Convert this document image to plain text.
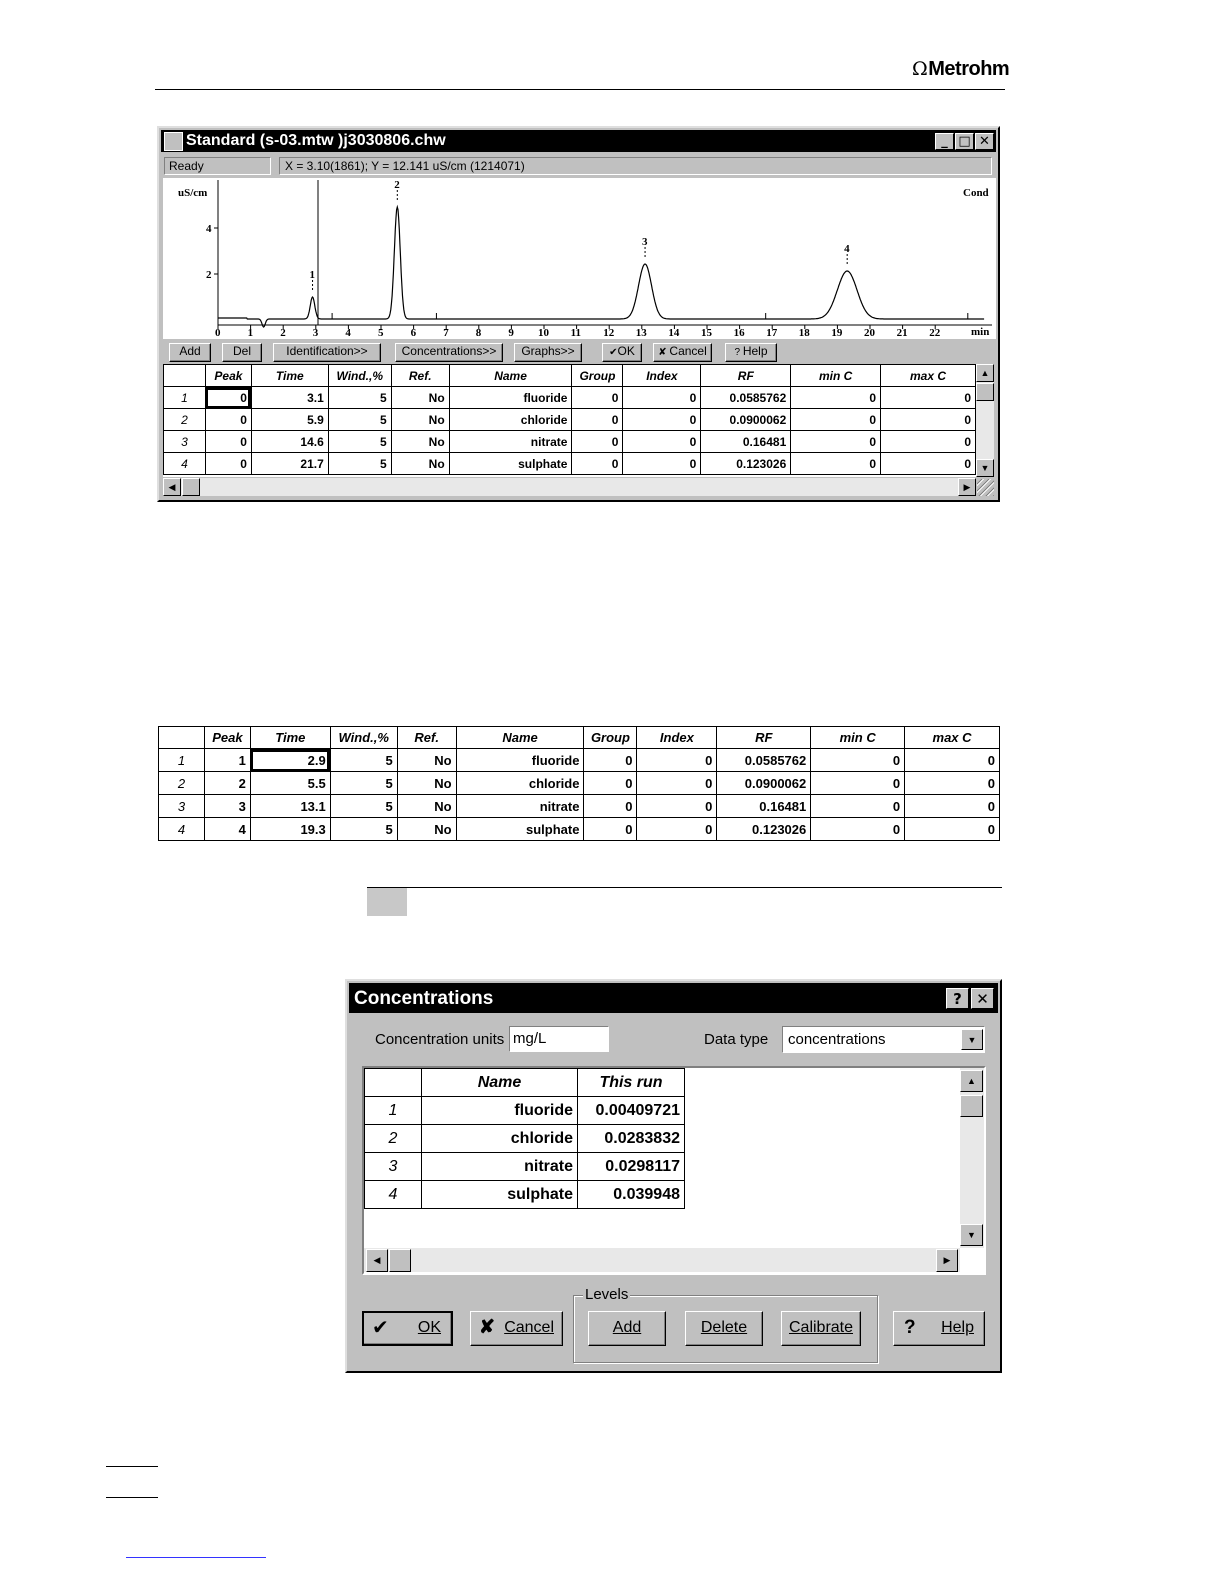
ΩMetrohm
Standard (s-03.mtw )j3030806.chw	_ □ ✕
Ready	X = 3.10(1861); Y = 12.141 uS/cm (1214071)
uS/cm	Cond
min
4
2
0 1 2 3 4 5 6 7 8 9 10 11 12 13 14 15 16 17 18 19 20 21 22
1
2
3
4
Add	Del	Identification>>	Concentrations>>	Graphs>>	✔OK	✘ Cancel	? Help
	Peak	Time	Wind.,%	Ref.	Name	Group	Index	RF	min C	max C
1	0	3.1	5	No	fluoride	0	0	0.0585762	0	0
2	0	5.9	5	No	chloride	0	0	0.0900062	0	0
3	0	14.6	5	No	nitrate	0	0	0.16481	0	0
4	0	21.7	5	No	sulphate	0	0	0.123026	0	0
▲
▼
◀	▶
	Peak	Time	Wind.,%	Ref.	Name	Group	Index	RF	min C	max C
1	1	2.9	5	No	fluoride	0	0	0.0585762	0	0
2	2	5.5	5	No	chloride	0	0	0.0900062	0	0
3	3	13.1	5	No	nitrate	0	0	0.16481	0	0
4	4	19.3	5	No	sulphate	0	0	0.123026	0	0
Concentrations	? ✕
Concentration units mg/L	Data type	concentrations	▼
	Name	This run
1	fluoride	0.00409721
2	chloride	0.0283832
3	nitrate	0.0298117
4	sulphate	0.039948
▲
▼
◀	▶
✔ OK ✘ Cancel
Levels
Add	Delete	Calibrate	? Help
